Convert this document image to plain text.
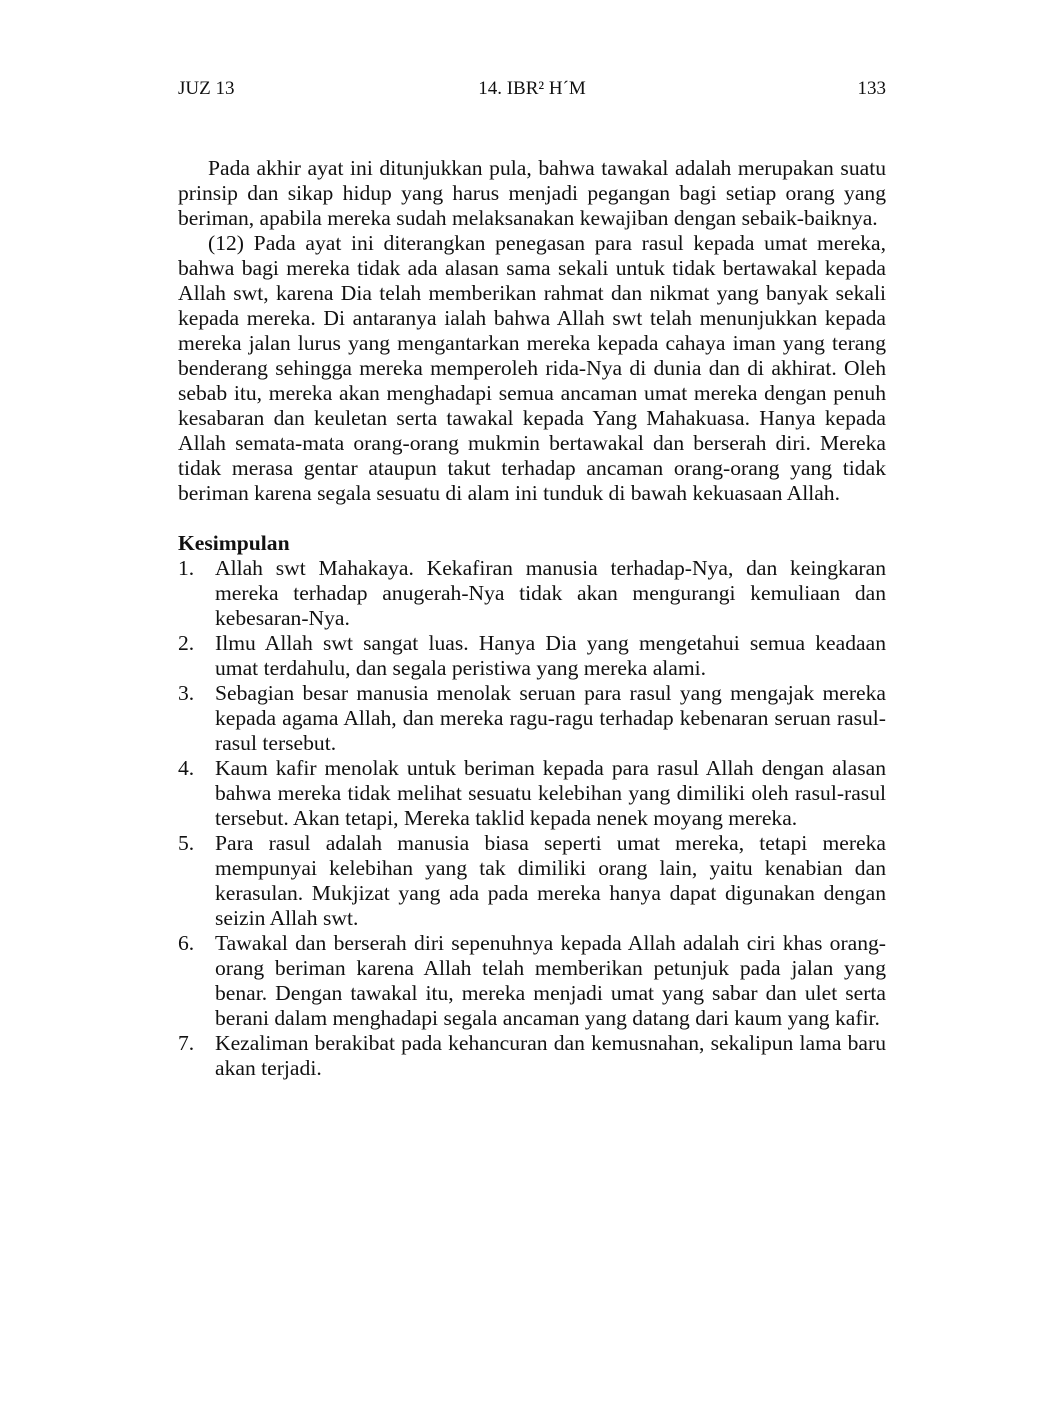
JUZ 13	14. IBR² H´M	133

Pada akhir ayat ini ditunjukkan pula, bahwa tawakal adalah merupakan suatu prinsip dan sikap hidup yang harus menjadi pegangan bagi setiap orang yang beriman, apabila mereka sudah melaksanakan kewajiban dengan sebaik-baiknya.

(12) Pada ayat ini diterangkan penegasan para rasul kepada umat mereka, bahwa bagi mereka tidak ada alasan sama sekali untuk tidak bertawakal kepada Allah swt, karena Dia telah memberikan rahmat dan nikmat yang banyak sekali kepada mereka. Di antaranya ialah bahwa Allah swt telah menunjukkan kepada mereka jalan lurus yang mengantarkan mereka kepada cahaya iman yang terang benderang sehingga mereka memperoleh rida-Nya di dunia dan di akhirat. Oleh sebab itu, mereka akan menghadapi semua ancaman umat mereka dengan penuh kesabaran dan keuletan serta tawakal kepada Yang Mahakuasa. Hanya kepada Allah semata-mata orang-orang mukmin bertawakal dan berserah diri. Mereka tidak merasa gentar ataupun takut terhadap ancaman orang-orang yang tidak beriman karena segala sesuatu di alam ini tunduk di bawah kekuasaan Allah.

Kesimpulan
1. Allah swt Mahakaya. Kekafiran manusia terhadap-Nya, dan keingkaran mereka terhadap anugerah-Nya tidak akan mengurangi kemuliaan dan kebesaran-Nya.
2. Ilmu Allah swt sangat luas. Hanya Dia yang mengetahui semua keadaan umat terdahulu, dan segala peristiwa yang mereka alami.
3. Sebagian besar manusia menolak seruan para rasul yang mengajak mereka kepada agama Allah, dan mereka ragu-ragu terhadap kebenaran seruan rasul-rasul tersebut.
4. Kaum kafir menolak untuk beriman kepada para rasul Allah dengan alasan bahwa mereka tidak melihat sesuatu kelebihan yang dimiliki oleh rasul-rasul tersebut. Akan tetapi, Mereka taklid kepada nenek moyang mereka.
5. Para rasul adalah manusia biasa seperti umat mereka, tetapi mereka mempunyai kelebihan yang tak dimiliki orang lain, yaitu kenabian dan kerasulan. Mukjizat yang ada pada mereka hanya dapat digunakan dengan seizin Allah swt.
6. Tawakal dan berserah diri sepenuhnya kepada Allah adalah ciri khas orang-orang beriman karena Allah telah memberikan petunjuk pada jalan yang benar. Dengan tawakal itu, mereka menjadi umat yang sabar dan ulet serta berani dalam menghadapi segala ancaman yang datang dari kaum yang kafir.
7. Kezaliman berakibat pada kehancuran dan kemusnahan, sekalipun lama baru akan terjadi.
